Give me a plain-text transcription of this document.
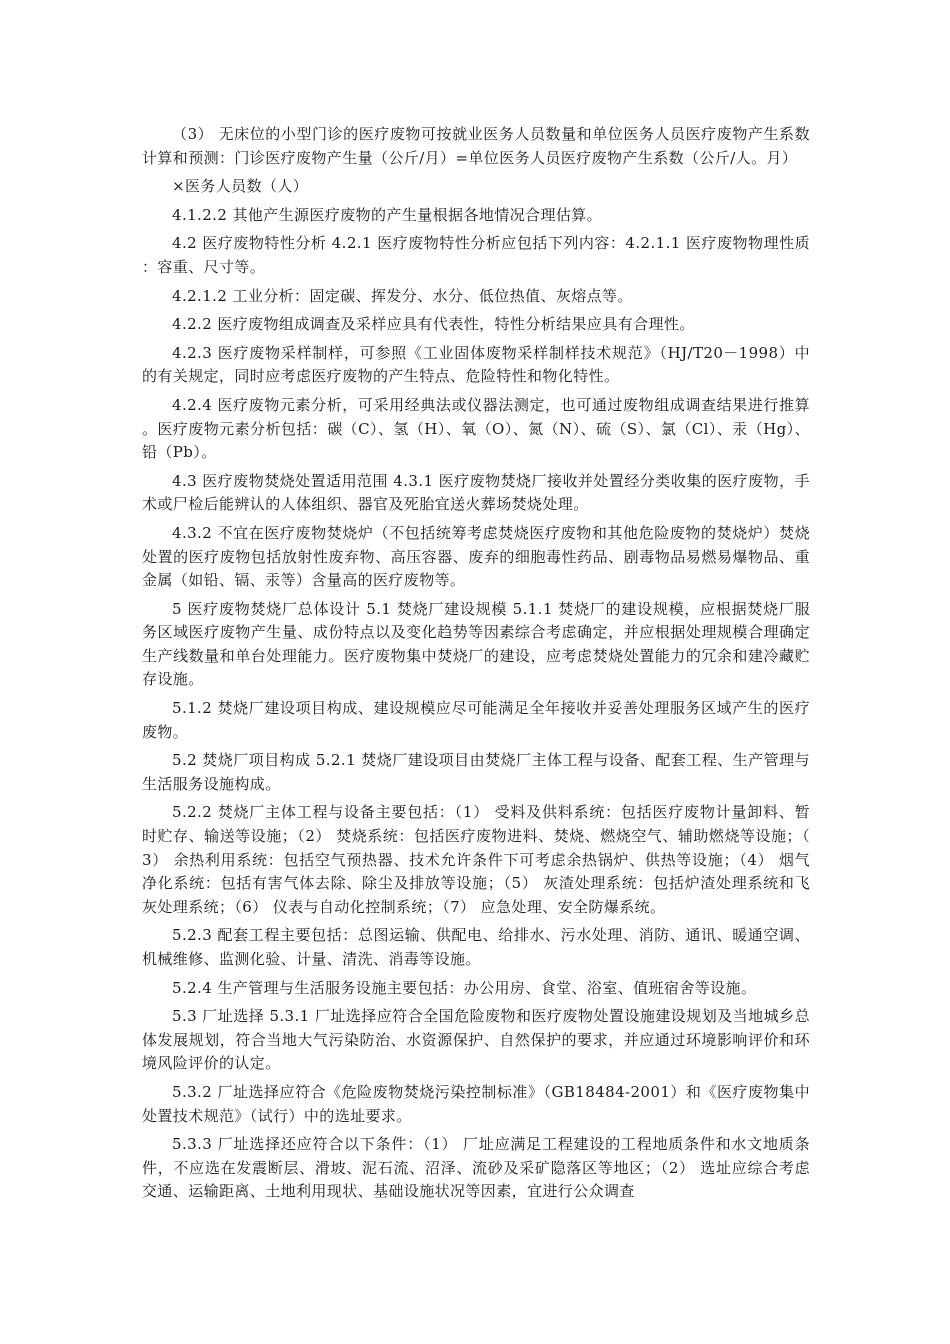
（3） 无床位的小型门诊的医疗废物可按就业医务人员数量和单位医务人员医疗废物产生系数计算和预测：门诊医疗废物产生量（公斤/月）=单位医务人员医疗废物产生系数（公斤/人。月）

×医务人员数（人）

4.1.2.2 其他产生源医疗废物的产生量根据各地情况合理估算。

4.2 医疗废物特性分析 4.2.1 医疗废物特性分析应包括下列内容：4.2.1.1 医疗废物物理性质：容重、尺寸等。

4.2.1.2 工业分析：固定碳、挥发分、水分、低位热值、灰熔点等。

4.2.2 医疗废物组成调查及采样应具有代表性，特性分析结果应具有合理性。

4.2.3 医疗废物采样制样，可参照《工业固体废物采样制样技术规范》（HJ/T20－1998）中的有关规定，同时应考虑医疗废物的产生特点、危险特性和物化特性。

4.2.4 医疗废物元素分析，可采用经典法或仪器法测定，也可通过废物组成调查结果进行推算。医疗废物元素分析包括：碳（C）、氢（H）、氧（O）、氮（N）、硫（S）、氯（Cl）、汞（Hg）、铅（Pb）。

4.3 医疗废物焚烧处置适用范围 4.3.1 医疗废物焚烧厂接收并处置经分类收集的医疗废物，手术或尸检后能辨认的人体组织、器官及死胎宜送火葬场焚烧处理。

4.3.2 不宜在医疗废物焚烧炉（不包括统筹考虑焚烧医疗废物和其他危险废物的焚烧炉）焚烧处置的医疗废物包括放射性废弃物、高压容器、废弃的细胞毒性药品、剧毒物品易燃易爆物品、重金属（如铅、镉、汞等）含量高的医疗废物等。

5 医疗废物焚烧厂总体设计 5.1 焚烧厂建设规模 5.1.1 焚烧厂的建设规模，应根据焚烧厂服务区域医疗废物产生量、成份特点以及变化趋势等因素综合考虑确定，并应根据处理规模合理确定生产线数量和单台处理能力。医疗废物集中焚烧厂的建设，应考虑焚烧处置能力的冗余和建冷藏贮存设施。

5.1.2 焚烧厂建设项目构成、建设规模应尽可能满足全年接收并妥善处理服务区域产生的医疗废物。

5.2 焚烧厂项目构成 5.2.1 焚烧厂建设项目由焚烧厂主体工程与设备、配套工程、生产管理与生活服务设施构成。

5.2.2 焚烧厂主体工程与设备主要包括：（1） 受料及供料系统：包括医疗废物计量卸料、暂时贮存、输送等设施；（2） 焚烧系统：包括医疗废物进料、焚烧、燃烧空气、辅助燃烧等设施；（3） 余热利用系统：包括空气预热器、技术允许条件下可考虑余热锅炉、供热等设施；（4） 烟气净化系统：包括有害气体去除、除尘及排放等设施；（5） 灰渣处理系统：包括炉渣处理系统和飞灰处理系统；（6） 仪表与自动化控制系统；（7） 应急处理、安全防爆系统。

5.2.3 配套工程主要包括：总图运输、供配电、给排水、污水处理、消防、通讯、暖通空调、机械维修、监测化验、计量、清洗、消毒等设施。

5.2.4 生产管理与生活服务设施主要包括：办公用房、食堂、浴室、值班宿舍等设施。

5.3 厂址选择 5.3.1 厂址选择应符合全国危险废物和医疗废物处置设施建设规划及当地城乡总体发展规划，符合当地大气污染防治、水资源保护、自然保护的要求，并应通过环境影响评价和环境风险评价的认定。

5.3.2 厂址选择应符合《危险废物焚烧污染控制标准》（GB18484-2001）和《医疗废物集中处置技术规范》（试行）中的选址要求。

5.3.3 厂址选择还应符合以下条件：（1） 厂址应满足工程建设的工程地质条件和水文地质条件，不应选在发震断层、滑坡、泥石流、沼泽、流砂及采矿隐落区等地区；（2） 选址应综合考虑交通、运输距离、土地利用现状、基础设施状况等因素，宜进行公众调查
